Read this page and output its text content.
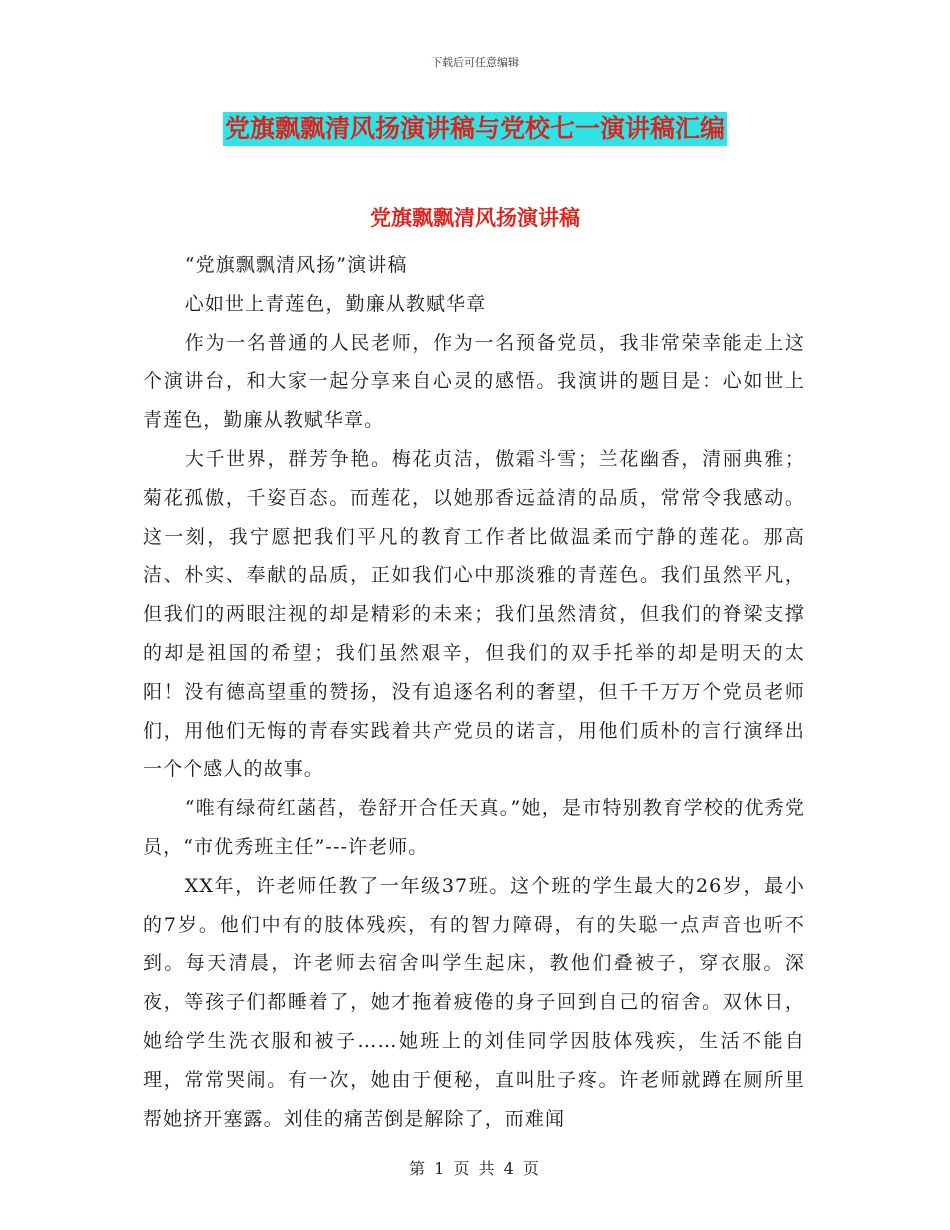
下载后可任意编辑
党旗飘飘清风扬演讲稿与党校七一演讲稿汇编
党旗飘飘清风扬演讲稿

“党旗飘飘清风扬”演讲稿

心如世上青莲色，勤廉从教赋华章

作为一名普通的人民老师，作为一名预备党员，我非常荣幸能走上这个演讲台，和大家一起分享来自心灵的感悟。我演讲的题目是：心如世上青莲色，勤廉从教赋华章。

大千世界，群芳争艳。梅花贞洁，傲霜斗雪；兰花幽香，清丽典雅；菊花孤傲，千姿百态。而莲花，以她那香远益清的品质，常常令我感动。这一刻，我宁愿把我们平凡的教育工作者比做温柔而宁静的莲花。那高洁、朴实、奉献的品质，正如我们心中那淡雅的青莲色。我们虽然平凡，但我们的两眼注视的却是精彩的未来；我们虽然清贫，但我们的脊梁支撑的却是祖国的希望；我们虽然艰辛，但我们的双手托举的却是明天的太阳！没有德高望重的赞扬，没有追逐名利的奢望，但千千万万个党员老师们，用他们无悔的青春实践着共产党员的诺言，用他们质朴的言行演绎出一个个感人的故事。

“唯有绿荷红菡萏，卷舒开合任天真。”她，是市特别教育学校的优秀党员，“市优秀班主任”---许老师。

XX年，许老师任教了一年级37班。这个班的学生最大的26岁，最小的7岁。他们中有的肢体残疾，有的智力障碍，有的失聪一点声音也听不到。每天清晨，许老师去宿舍叫学生起床，教他们叠被子，穿衣服。深夜，等孩子们都睡着了，她才拖着疲倦的身子回到自己的宿舍。双休日，她给学生洗衣服和被子……她班上的刘佳同学因肢体残疾，生活不能自理，常常哭闹。有一次，她由于便秘，直叫肚子疼。许老师就蹲在厕所里帮她挤开塞露。刘佳的痛苦倒是解除了，而难闻

第 1 页 共 4 页
